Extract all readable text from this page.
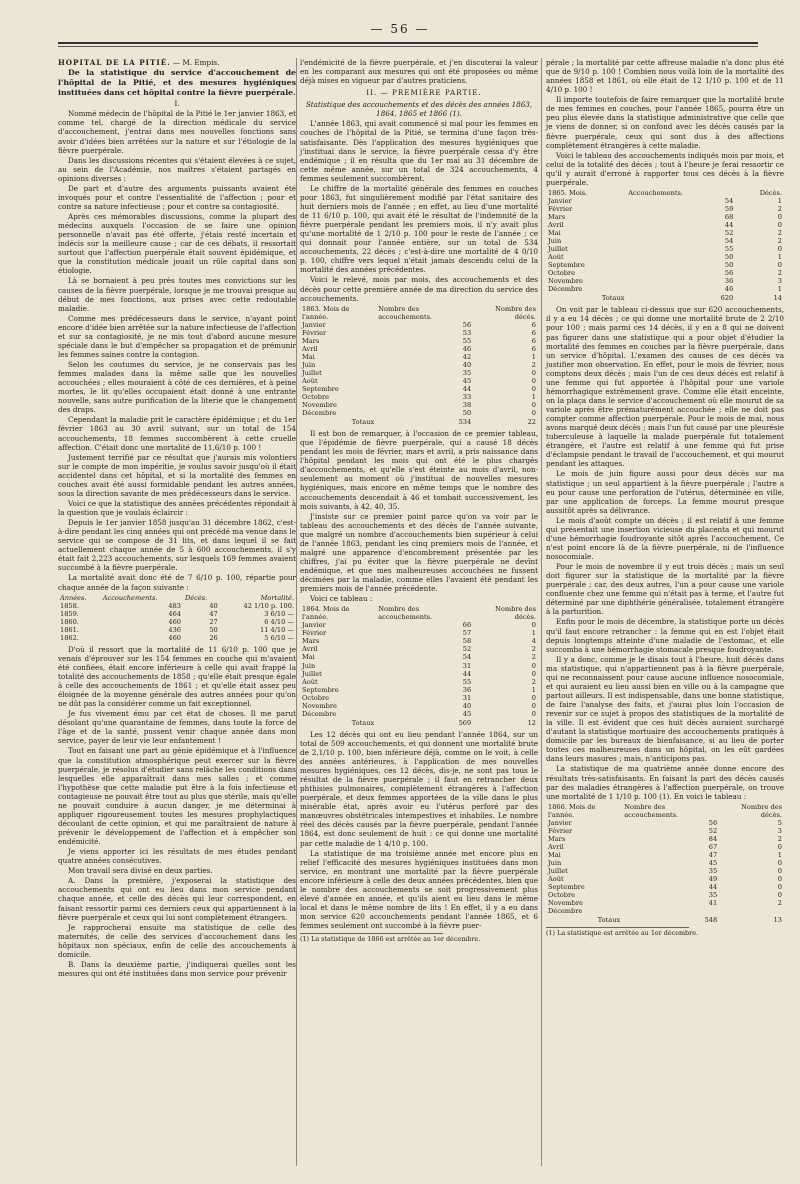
— 56 —

HOPITAL DE LA PITIÉ. — M. Empis.

De la statistique du service d'accouchement de l'hôpital de la Pitié, et des mesures hygiéniques instituées dans cet hôpital contre la fièvre puerpérale.

I.

Nommé médecin de l'hôpital de la Pitié le 1er janvier 1863, et comme tel, chargé de la direction médicale du service d'accouchement, j'entrai dans mes nouvelles fonctions sans avoir d'idées bien arrêtées sur la nature et sur l'étiologie de la fièvre puerpérale.

Dans les discussions récentes qui s'étaient élevées à ce sujet, au sein de l'Académie, nos maîtres s'étaient partagés en opinions diverses :

De part et d'autre des arguments puissants avaient été invoqués pour et contre l'essentialité de l'affection ; pour et contre sa nature infectieuse ; pour et contre sa contagiosité.

Après ces mémorables discussions, comme la plupart des médecins auxquels l'occasion de se faire une opinion personnelle n'avait pas été offerte, j'étais resté incertain et indécis sur la meilleure cause ; car de ces débats, il ressortait surtout que l'affection puerpérale était souvent épidémique, et que la constitution médicale jouait un rôle capital dans son étiologie.

Là se bornaient à peu près toutes mes convictions sur les causes de la fièvre puerpérale, lorsque je me trouvai presque au début de mes fonctions, aux prises avec cette redoutable maladie.

Comme mes prédécesseurs dans le service, n'ayant point encore d'idée bien arrêtée sur la nature infectieuse de l'affection et sur sa contagiosité, je ne mis tout d'abord aucune mesure spéciale dans le but d'empêcher sa propagation et de prémunir les femmes saines contre la contagion.

Selon les coutumes du service, je ne conservais pas les femmes malades dans la même salle que les nouvelles accouchées ; elles mouraient à côté de ces dernières, et à peine mortes, le lit qu'elles occupaient était donné à une entrante nouvelle, sans autre purification de la literie que le changement des draps.

Cependant la maladie prit le caractère épidémique ; et du 1er février 1863 au 30 avril suivant, sur un total de 154 accouchements, 18 femmes succombèrent à cette cruelle affection. C'était donc une mortalité de 11,6/10 p. 100 !

Justement terrifié par ce résultat que j'aurais mis volontiers sur le compte de mon impéritie, je voulus savoir jusqu'où il était accidentel dans cet hôpital, et si la mortalité des femmes en couches avait été aussi formidable pendant les autres années, sous la direction savante de mes prédécesseurs dans le service.

Voici ce que la statistique des années précédentes répondait à la question que je voulais éclaircir :

Depuis le 1er janvier 1858 jusqu'au 31 décembre 1862, c'est-à-dire pendant les cinq années qui ont précédé ma venue dans le service qui se compose de 31 lits, et dans lequel il se fait actuellement chaque année de 5 à 600 accouchements, il s'y était fait 2,223 accouchements, sur lesquels 169 femmes avaient succombé à la fièvre puerpérale.

La mortalité avait donc été de 7 6/10 p. 100, répartie pour chaque année de la façon suivante :

Années.	Accouchements.	Décès.	Mortalité.
1858.	483	40	42 1/10 p. 100.
1859.	464	47	3 6/10 —
1860.	460	27	6 4/10 —
1861.	436	50	11 4/10 —
1862.	460	26	5 6/10 —

D'où il ressort que la mortalité de 11 6/10 p. 100 que je venais d'éprouver sur les 154 femmes en couche qui m'avaient été confiées, était encore inférieure à celle qui avait frappé la totalité des accouchements de 1858 ; qu'elle était presque égale à celle des accouchements de 1861 ; et qu'elle était assez peu éloignée de la moyenne générale des autres années pour qu'on ne dût pas la considérer comme un fait exceptionnel.

Je fus vivement ému par cet état de choses. Il me parut désolant qu'une quarantaine de femmes, dans toute la force de l'âge et de la santé, pussent venir chaque année dans mon service, payer de leur vie leur enfantement !

Tout en faisant une part au génie épidémique et à l'influence que la constitution atmosphérique peut exercer sur la fièvre puerpérale, je résolus d'étudier sans relâche les conditions dans lesquelles elle apparaîtrait dans mes salles ; et comme l'hypothèse que cette maladie put être à la fois infectieuse et contagieuse ne pouvait être tout au plus que stérile, mais qu'elle ne pouvait conduire à aucun danger, je me déterminai à appliquer rigoureusement toutes les mesures prophylactiques découlant de cette opinion, et qui me paraîtraient de nature à prévenir le développement de l'affection et à empêcher son endémicité.

Je viens apporter ici les résultats de mes études pendant quatre années consécutives.

Mon travail sera divisé en deux parties.

A. Dans la première, j'exposerai la statistique des accouchements qui ont eu lieu dans mon service pendant chaque année, et celle des décès qui leur correspondent, en faisant ressortir parmi ces derniers ceux qui appartiennent à la fièvre puerpérale et ceux qui lui sont complètement étrangers.

Je rapprocherai ensuite ma statistique de celle des maternités, de celle des services d'accouchement dans les hôpitaux non spéciaux, enfin de celle des accouchements à domicile.

B. Dans la deuxième partie, j'indiquerai quelles sont les mesures qui ont été instituées dans mon service pour prévenir

l'endémicité de la fièvre puerpérale, et j'en discuterai la valeur en les comparant aux mesures qui ont été proposées ou même déjà mises en vigueur par d'autres praticiens.

II. — PREMIÈRE PARTIE.

Statistique des accouchements et des décès des années 1863, 1864, 1865 et 1866 (1).

L'année 1863, qui avait commencé si mal pour les femmes en couches de l'hôpital de la Pitié, se termina d'une façon très-satisfaisante. Dès l'application des mesures hygiéniques que j'instituai dans le service, la fièvre puerpérale cessa d'y être endémique ; il en résulta que du 1er mai au 31 décembre de cette même année, sur un total de 324 accouchements, 4 femmes seulement succombèrent.

Le chiffre de la mortalité générale des femmes en couches pour 1863, fut singulièrement modifié par l'état sanitaire des huit derniers mois de l'année ; en effet, au lieu d'une mortalité de 11 6/10 p. 100, qui avait été le résultat de l'indemnité de la fièvre puerpérale pendant les premiers mois, il n'y avait plus qu'une mortalité de 1 2/10 p. 100 pour le reste de l'année ; ce qui donnait pour l'année entière, sur un total de 534 accouchements, 22 décès ; c'est-à-dire une mortalité de 4 0/10 p. 100, chiffre vers lequel n'était jamais descendu celui de la mortalité des années précédentes.

Voici le relevé, mois par mois, des accouchements et des décès pour cette première année de ma direction du service des accouchements.

1863. Mois de l'année.	Nombre des accouchements.	Nombre des décès.
Janvier	56	6
Février	53	6
Mars	55	6
Avril	46	6
Mai	42	1
Juin	40	2
Juillet	35	0
Août	45	0
Septembre	44	0
Octobre	33	1
Novembre	38	0
Décembre	50	0
Totaux	534	22

Il est bon de remarquer, à l'occasion de ce premier tableau, que l'épidémie de fièvre puerpérale, qui a causé 18 décès pendant les mois de février, mars et avril, a pris naissance dans l'hôpital pendant les mois qui ont été le plus chargés d'accouchements, et qu'elle s'est éteinte au mois d'avril, non-seulement au moment où j'instituai de nouvelles mesures hygiéniques, mais encore en même temps que le nombre des accouchements descendait à 46 et tombait successivement, les mois suivants, à 42, 40, 35.

J'insiste sur ce premier point parce qu'on va voir par le tableau des accouchements et des décès de l'année suivante, que malgré un nombre d'accouchements bien supérieur à celui de l'année 1863, pendant les cinq premiers mois de l'année, et malgré une apparence d'encombrement présentée par les chiffres, j'ai pu éviter que la fièvre puerpérale ne devînt endémique, et que mes malheureuses accouchées ne fussent décimées par la maladie, comme elles l'avaient été pendant les premiers mois de l'année précédente.

Voici ce tableau :

1864. Mois de l'année.	Nombre des accouchements.	Nombre des décès.
Janvier	66	0
Février	57	1
Mars	58	4
Avril	52	2
Mai	54	2
Juin	31	0
Juillet	44	0
Août	55	2
Septembre	36	1
Octobre	31	0
Novembre	40	0
Décembre	45	0
Totaux	569	12

Les 12 décès qui ont eu lieu pendant l'année 1864, sur un total de 509 accouchements, et qui donnent une mortalité brute de 2,1/10 p. 100, bien inférieure déjà, comme on le voit, à celle des années antérieures, à l'application de mes nouvelles mesures hygiéniques, ces 12 décès, dis-je, ne sont pas tous le résultat de la fièvre puerpérale ; il faut en retrancher deux phthisies pulmonaires, complètement étrangères à l'affection puerpérale, et deux femmes apportées de la ville dans le plus misérable état, après avoir eu l'utérus perforé par des manœuvres obstétricales intempestives et inhabiles. Le nombre réel des décès causés par la fièvre puerpérale, pendant l'année 1864, est donc seulement de huit : ce qui donne une mortalité par cette maladie de 1 4/10 p. 100.

La statistique de ma troisième année met encore plus en relief l'efficacité des mesures hygiéniques instituées dans mon service, en montrant une mortalité par la fièvre puerpérale encore inférieure à celle des deux années précédentes, bien que le nombre des accouchements se soit progressivement plus élevé d'année en année, et qu'ils aient eu lieu dans le même local et dans le même nombre de lits ! En effet, il y a eu dans mon service 620 accouchements pendant l'année 1865, et 6 femmes seulement ont succombé à la fièvre puer-

(1) La statistique de 1866 est arrêtée au 1er décembre.

pérale ; la mortalité par cette affreuse maladie n'a donc plus été que de 9/10 p. 100 ! Combien nous voilà loin de la mortalité des années 1858 et 1861, où elle était de 12 1/10 p. 100 et de 11 4/10 p. 100 !

Il importe toutefois de faire remarquer que la mortalité brute de mes femmes en couches, pour l'année 1865, pourra être un peu plus élevée dans la statistique administrative que celle que je viens de donner, si on confond avec les décès causés par la fièvre puerpérale, ceux qui sont dus à des affections complètement étrangères à cette maladie.

Voici le tableau des accouchements indiqués mois par mois, et celui de la totalité des décès ; tout à l'heure je ferai ressortir ce qu'il y aurait d'erroné à rapporter tous ces décès à la fièvre puerpérale.

1865. Mois.	Accouchements.	Décès.
Janvier	54	1
Février	59	2
Mars	68	0
Avril	44	0
Mai	52	2
Juin	54	2
Juillet	55	0
Août	50	1
Septembre	50	0
Octobre	56	2
Novembre	36	3
Décembre	46	1
Totaux	620	14

On voit par le tableau ci-dessus que sur 620 accouchements, il y a eu 14 décès ; ce qui donne une mortalité brute de 2 2/10 pour 100 ; mais parmi ces 14 décès, il y en a 8 qui ne doivent pas figurer dans une statistique qui a pour objet d'étudier la mortalité des femmes en couches par la fièvre puerpérale, dans un service d'hôpital. L'examen des causes de ces décès va justifier mon observation. En effet, pour le mois de février, nous comptons deux décès ; mais l'un de ces deux décès est relatif à une femme qui fut apportée à l'hôpital pour une variole hémorrhagique extrêmement grave. Comme elle était enceinte, on la plaça dans le service d'accouchement où elle mourut de sa variole après être prématurément accouchée ; elle ne doit pas compter comme affection puerpérale. Pour le mois de mai, nous avons marqué deux décès ; mais l'un fut causé par une pleurésie tuberculeuse à laquelle la malade puerpérale fut totalement étrangère, et l'autre est relatif à une femme qui fut prise d'éclampsie pendant le travail de l'accouchement, et qui mourut pendant les attaques.

Le mois de juin figure aussi pour deux décès sur ma statistique ; un seul appartient à la fièvre puerpérale ; l'autre a eu pour cause une perforation de l'utérus, déterminée en ville, par une application de forceps. La femme mourut presque aussitôt après sa délivrance.

Le mois d'août compte un décès ; il est relatif à une femme qui présentait une insertion vicieuse du placenta et qui mourut d'une hémorrhagie foudroyante sitôt après l'accouchement. Ce n'est point encore là de la fièvre puerpérale, ni de l'influence nosocomiale.

Pour le mois de novembre il y eut trois décès ; mais un seul doit figurer sur la statistique de la mortalité par la fièvre puerpérale ; car, des deux autres, l'un a pour cause une variole confluente chez une femme qui n'était pas à terme, et l'autre fut déterminé par une diphthérie généralisée, totalement étrangère à la parturition.

Enfin pour le mois de décembre, la statistique porte un décès qu'il faut encore retrancher : la femme qui en est l'objet était depuis longtemps atteinte d'une maladie de l'estomac, et elle succomba à une hémorrhagie stomacale presque foudroyante.

Il y a donc, comme je le disais tout à l'heure, huit décès dans ma statistique, qui n'appartiennent pas à la fièvre puerpérale, qui ne reconnaissent pour cause aucune influence nosocomiale, et qui auraient eu lieu aussi bien en ville ou à la campagne que partout ailleurs. Il est indispensable, dans une bonne statistique, de faire l'analyse des faits, et j'aurai plus loin l'occasion de revenir sur ce sujet à propos des statistiques de la mortalité de la ville. Il est évident que ces huit décès auraient surchargé d'autant la statistique mortuaire des accouchements pratiqués à domicile par les bureaux de bienfaisance, si au lieu de porter toutes ces malheureuses dans un hôpital, on les eût gardées dans leurs masures ; mais, n'anticipons pas.

La statistique de ma quatrième année donne encore des résultats très-satisfaisants. En faisant la part des décès causés par des maladies étrangères à l'affection puerpérale, on trouve une mortalité de 1 1/10 p. 100 (1). En voici le tableau :

1866. Mois de l'année.	Nombre des accouchements.	Nombre des décès.
Janvier	56	5
Février	52	3
Mars	84	2
Avril	67	0
Mai	47	1
Juin	45	0
Juillet	35	0
Août	49	0
Septembre	44	0
Octobre	35	0
Novembre	41	2
Décembre		
Totaux	548	13

(1) La statistique est arrêtée au 1er décembre.
